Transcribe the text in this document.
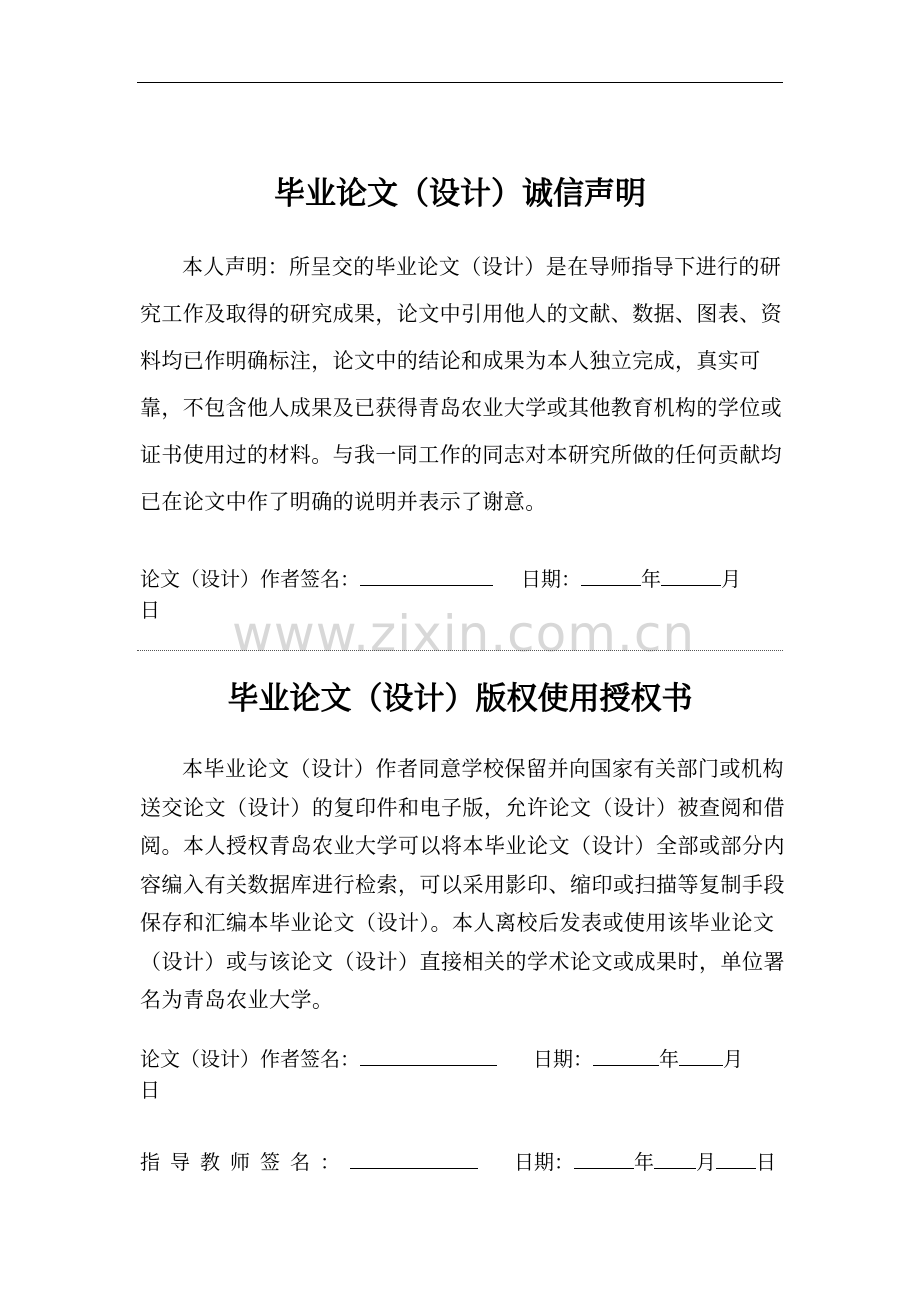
毕业论文（设计）诚信声明

本人声明：所呈交的毕业论文（设计）是在导师指导下进行的研究工作及取得的研究成果，论文中引用他人的文献、数据、图表、资料均已作明确标注，论文中的结论和成果为本人独立完成，真实可靠，不包含他人成果及已获得青岛农业大学或其他教育机构的学位或证书使用过的材料。与我一同工作的同志对本研究所做的任何贡献均已在论文中作了明确的说明并表示了谢意。

论文（设计）作者签名：	日期：	年	月
日 www.zixin.com.cn
毕业论文（设计）版权使用授权书

本毕业论文（设计）作者同意学校保留并向国家有关部门或机构送交论文（设计）的复印件和电子版，允许论文（设计）被查阅和借阅。本人授权青岛农业大学可以将本毕业论文（设计）全部或部分内容编入有关数据库进行检索，可以采用影印、缩印或扫描等复制手段保存和汇编本毕业论文（设计）。本人离校后发表或使用该毕业论文（设计）或与该论文（设计）直接相关的学术论文或成果时，单位署名为青岛农业大学。

论文（设计）作者签名：	日期：	年 月
日
指导教师签名：	日期：	年 月 日
